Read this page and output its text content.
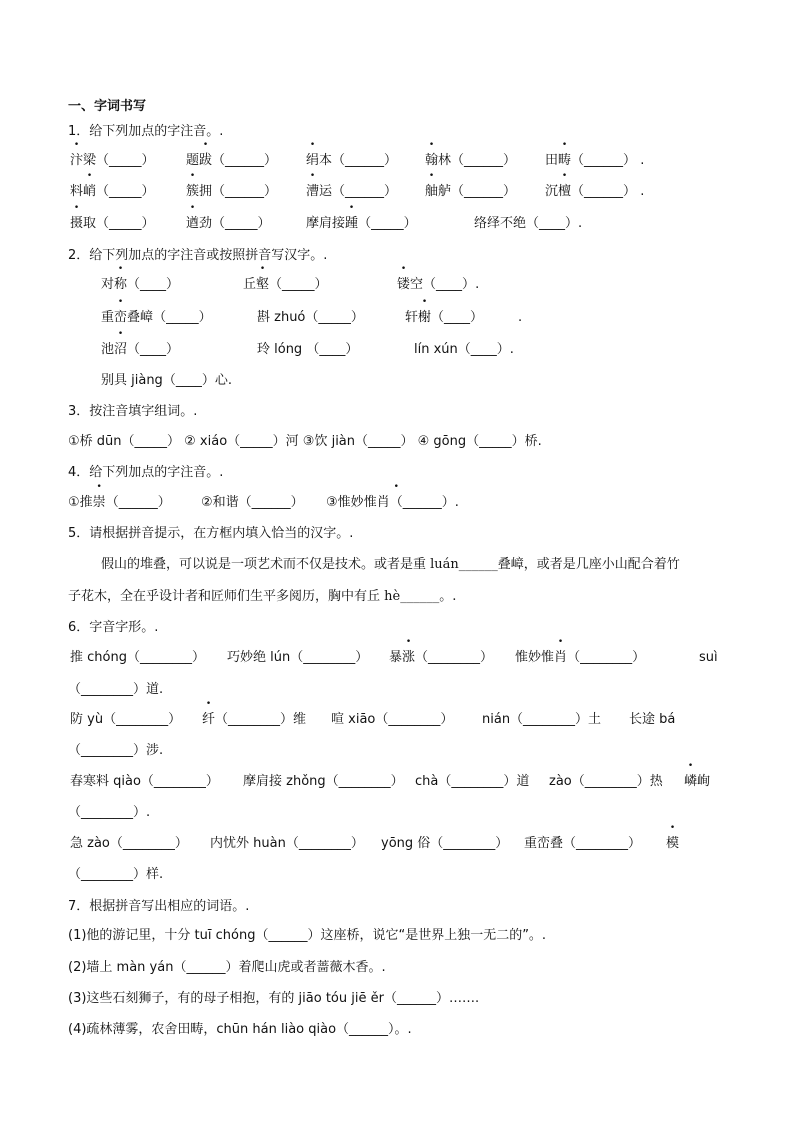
一、字词书写
1．给下列加点的字注音。.
汴梁（_____） 题跋（______） 绢本（______） 翰林（______） 田畴（______） .
料峭（_____） 簇拥（______） 漕运（______） 舳舻（______） 沉檀（______） .
摄取（_____） 遒劲（_____）	摩肩接踵（_____）	络绎不绝（____）.
2．给下列加点的字注音或按照拼音写汉字。.
对称（____）	丘壑（_____）	镂空（____）.
重峦叠嶂（_____）	斟 zhuó（_____）	轩榭（____）	.
池沼（____）	玲 lóng （____）	lín xún（____）.
别具 jiàng（____）心.
3．按注音填字组词。.
①桥 dūn（_____） ② xiáo（_____）河 ③饮 jiàn（_____） ④ gōng（_____）桥.
4．给下列加点的字注音。.
①推崇（______） ②和谐（______） ③惟妙惟肖• （______）.
5．请根据拼音提示，在方框内填入恰当的汉字。.
假山的堆叠，可以说是一项艺术而不仅是技术。或者是重 luán______叠嶂，或者是几座小山配合着竹
子花木，全在乎设计者和匠师们生平多阅历，胸中有丘 hè______。.
6．字音字形。.
推 chóng（________） 巧妙绝 lún（________） 暴涨（________） 惟妙惟肖（________）	suì
（________）道.
防 yù（________） 纤（________）维 喧 xiāo（________） nián（________）土 长途 bá
（________）涉.
春寒料 qiào（________） 摩肩接 zhǒng（________） chà（________）道 zào（________）热 嶙峋
（________）.
急 zào（________） 内忧外 huàn（________） yōng 俗（________） 重峦叠（________） 模
（________）样.
7．根据拼音写出相应的词语。.
(1)他的游记里，十分 tuī chóng（______）这座桥，说它“是世界上独一无二的”。.
(2)墙上 màn yán（______）着爬山虎或者蔷薇木香。.
(3)这些石刻狮子，有的母子相抱，有的 jiāo tóu jiē ěr（______）…….
(4)疏林薄雾，农舍田畴，chūn hán liào qiào（______）。.
